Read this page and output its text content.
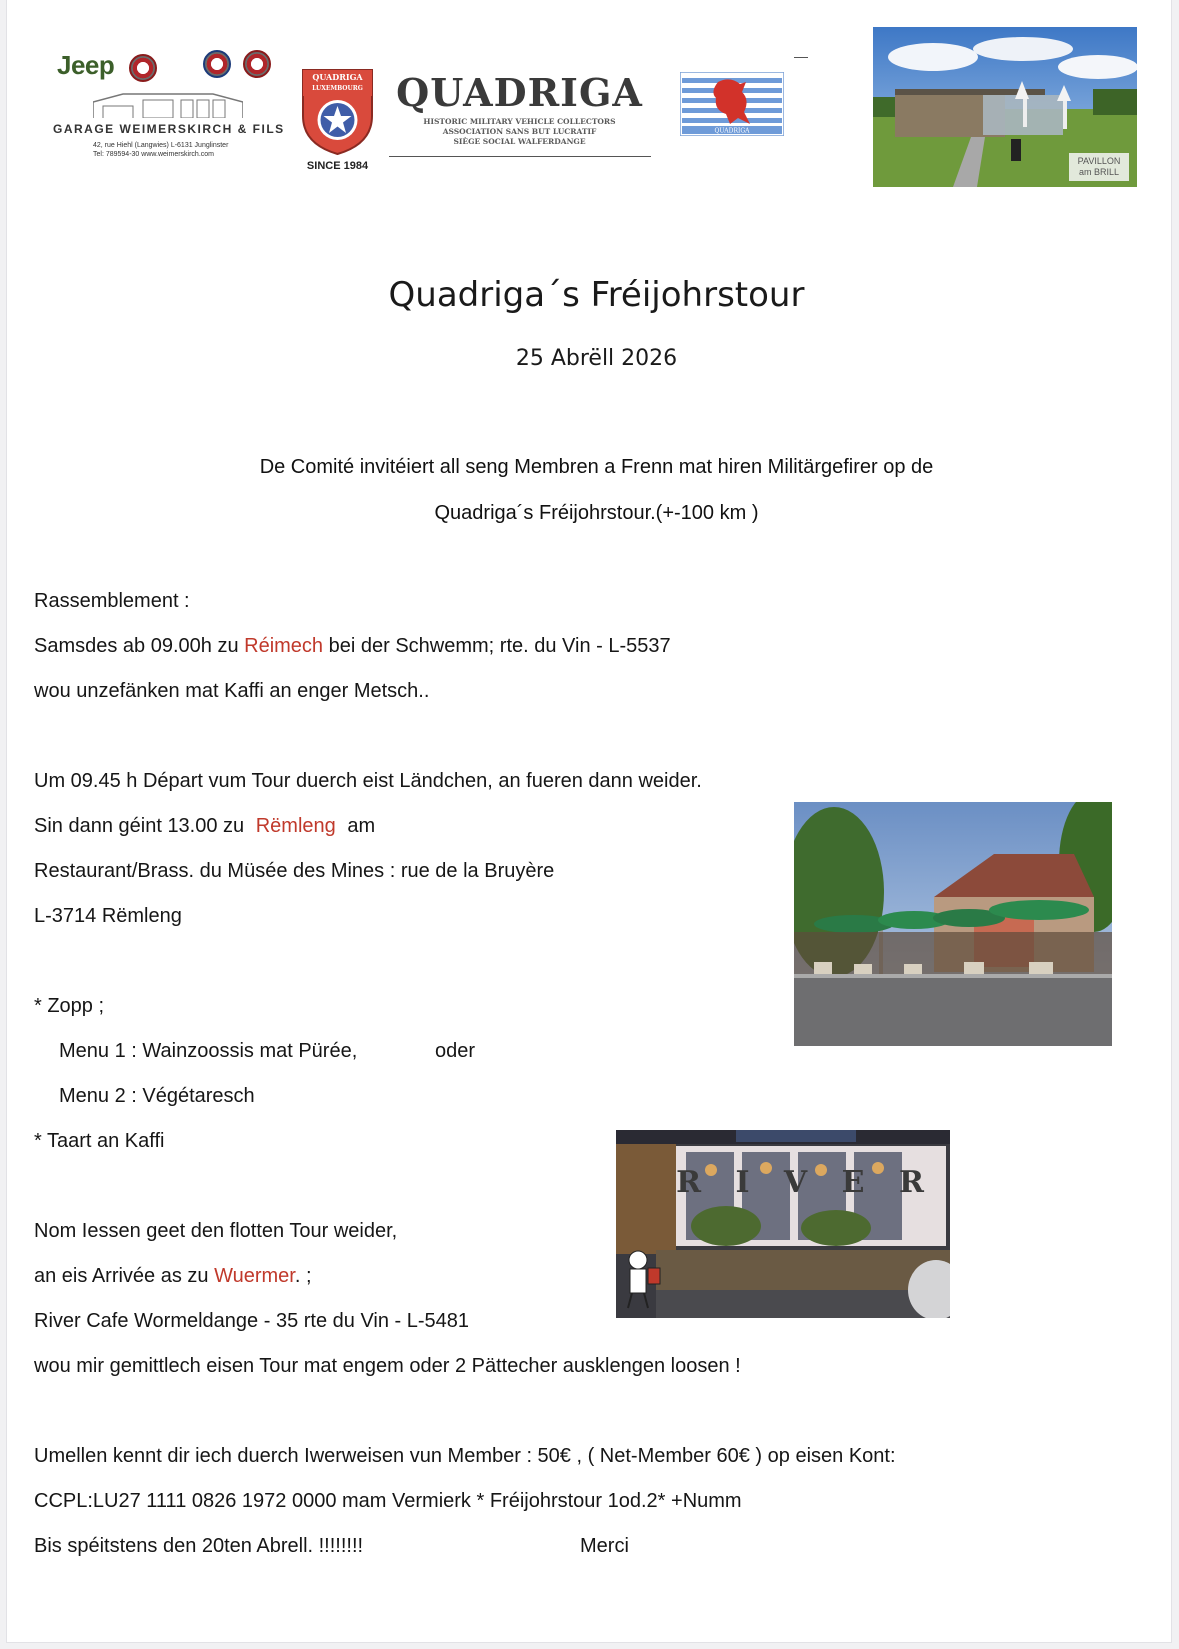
Jeep
GARAGE WEIMERSKIRCH & FILS
42, rue Hiehl (Langwies) L-6131 Junglinster
Tel: 789594-30 www.weimerskirch.com
QUADRIGA
LUXEMBOURG
SINCE 1984
QUADRIGA
HISTORIC MILITARY VEHICLE COLLECTORS
ASSOCIATION SANS BUT LUCRATIF
SIÈGE SOCIAL WALFERDANGE
QUADRIGA
PAVILLON
am BRILL
Quadriga´s Fréijohrstour
25 Abrëll 2026
De Comité invitéiert all seng Membren a Frenn mat hiren Militärgefirer op de
Quadriga´s Fréijohrstour.(+-100 km )
Rassemblement :
Samsdes ab 09.00h zu Réimech bei der Schwemm; rte. du Vin - L-5537
wou unzefänken mat Kaffi an enger Metsch..
Um 09.45 h Départ vum Tour duerch eist Ländchen, an fueren dann weider.
Sin dann géint 13.00 zu Rëmleng am
Restaurant/Brass. du Müsée des Mines : rue de la Bruyère
L-3714 Rëmleng
* Zopp ;
Menu 1 : Wainzoossis mat Pürée,	oder
Menu 2 : Végétaresch
* Taart an Kaffi
Nom Iessen geet den flotten Tour weider,
an eis Arrivée as zu Wuermer. ;
River Cafe Wormeldange - 35 rte du Vin - L-5481
wou mir gemittlech eisen Tour mat engem oder 2 Pättecher ausklengen loosen !
Umellen kennt dir iech duerch Iwerweisen vun Member : 50€ , ( Net-Member 60€ ) op eisen Kont:
CCPL:LU27 1111 0826 1972 0000 mam Vermierk * Fréijohrstour 1od.2* +Numm
Bis spéitstens den 20ten Abrell. !!!!!!!!	Merci
R I V E R
